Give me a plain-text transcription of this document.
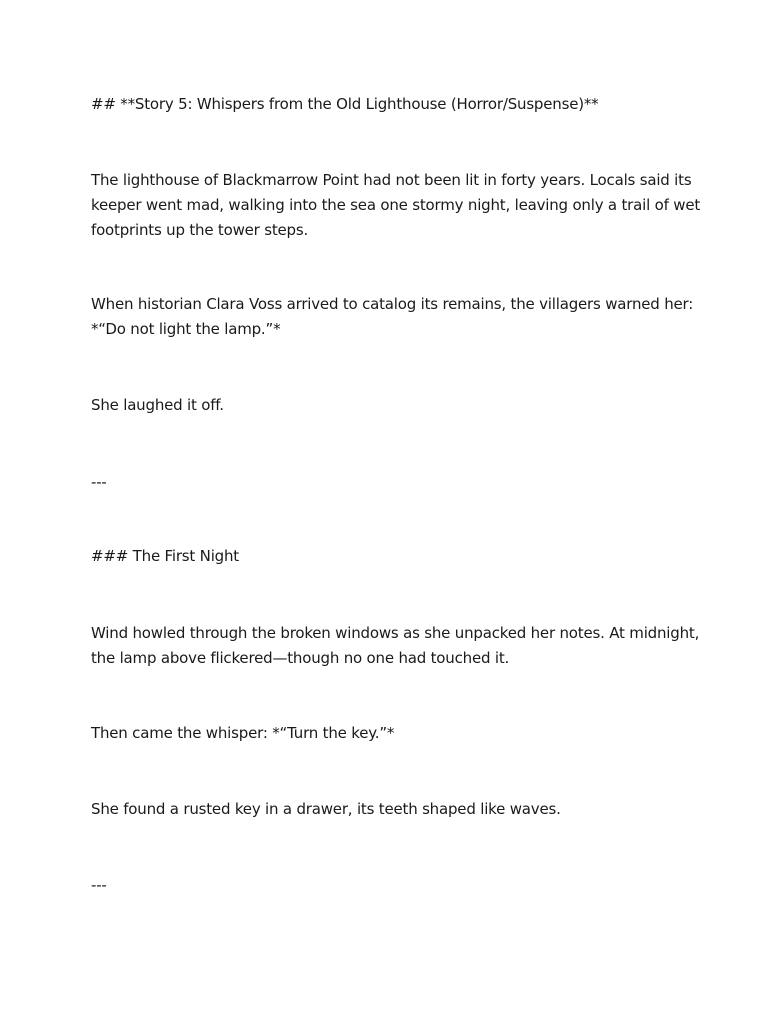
## **Story 5: Whispers from the Old Lighthouse (Horror/Suspense)**
The lighthouse of Blackmarrow Point had not been lit in forty years. Locals said its
keeper went mad, walking into the sea one stormy night, leaving only a trail of wet
footprints up the tower steps.
When historian Clara Voss arrived to catalog its remains, the villagers warned her:
*“Do not light the lamp.”*
She laughed it off.
---
### The First Night
Wind howled through the broken windows as she unpacked her notes. At midnight,
the lamp above flickered—though no one had touched it.
Then came the whisper: *“Turn the key.”*
She found a rusted key in a drawer, its teeth shaped like waves.
---
